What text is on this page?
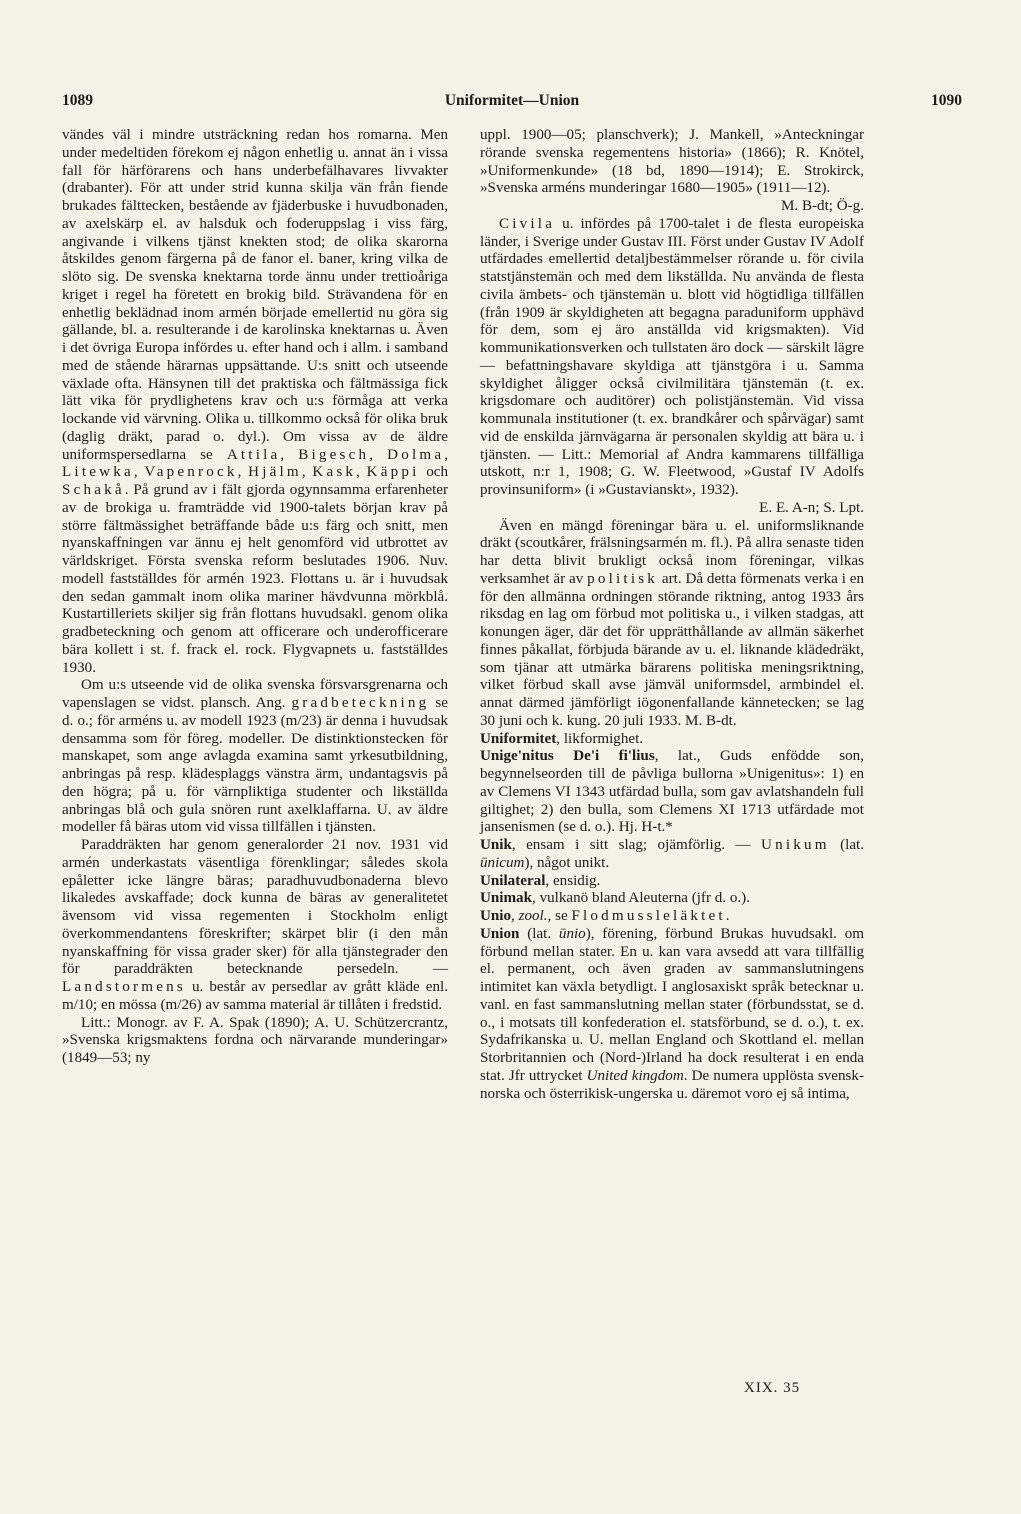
1089	Uniformitet—Union	1090

vändes väl i mindre utsträckning redan hos romarna. Men under medeltiden förekom ej någon enhetlig u. annat än i vissa fall för härförarens och hans underbefälhavares livvakter (drabanter). För att under strid kunna skilja vän från fiende brukades fälttecken, bestående av fjäderbuske i huvudbonaden, av axelskärp el. av halsduk och foderuppslag i viss färg, angivande i vilkens tjänst knekten stod; de olika skarorna åtskildes genom färgerna på de fanor el. baner, kring vilka de slöto sig. De svenska knektarna torde ännu under trettioåriga kriget i regel ha företett en brokig bild. Strävandena för en enhetlig beklädnad inom armén började emellertid nu göra sig gällande, bl. a. resulterande i de karolinska knektarnas u. Även i det övriga Europa infördes u. efter hand och i allm. i samband med de stående härarnas uppsättande. U:s snitt och utseende växlade ofta. Hänsynen till det praktiska och fältmässiga fick lätt vika för prydlighetens krav och u:s förmåga att verka lockande vid värvning. Olika u. tillkommo också för olika bruk (daglig dräkt, parad o. dyl.). Om vissa av de äldre uniformspersedlarna se Attila, Bigesch, Dolma, Litewka, Vapenrock, Hjälm, Kask, Käppi och Schakå. På grund av i fält gjorda ogynnsamma erfarenheter av de brokiga u. framträdde vid 1900-talets början krav på större fältmässighet beträffande både u:s färg och snitt, men nyanskaffningen var ännu ej helt genomförd vid utbrottet av världskriget. Första svenska reform beslutades 1906. Nuv. modell fastställdes för armén 1923. Flottans u. är i huvudsak den sedan gammalt inom olika mariner hävdvunna mörkblå. Kustartilleriets skiljer sig från flottans huvudsakl. genom olika gradbeteckning och genom att officerare och underofficerare bära kollett i st. f. frack el. rock. Flygvapnets u. fastställdes 1930.

Om u:s utseende vid de olika svenska försvarsgrenarna och vapenslagen se vidst. plansch. Ang. gradbeteckning se d. o.; för arméns u. av modell 1923 (m/23) är denna i huvudsak densamma som för föreg. modeller. De distinktionstecken för manskapet, som ange avlagda examina samt yrkesutbildning, anbringas på resp. klädesplaggs vänstra ärm, undantagsvis på den högra; på u. för värnpliktiga studenter och likställda anbringas blå och gula snören runt axelklaffarna. U. av äldre modeller få bäras utom vid vissa tillfällen i tjänsten.

Paraddräkten har genom generalorder 21 nov. 1931 vid armén underkastats väsentliga förenklingar; således skola epåletter icke längre bäras; paradhuvudbonaderna blevo likaledes avskaffade; dock kunna de bäras av generalitetet ävensom vid vissa regementen i Stockholm enligt överkommendantens föreskrifter; skärpet blir (i den mån nyanskaffning för vissa grader sker) för alla tjänstegrader den för paraddräkten betecknande persedeln. — Landstormens u. består av persedlar av grått kläde enl. m/10; en mössa (m/26) av samma material är tillåten i fredstid.

Litt.: Monogr. av F. A. Spak (1890); A. U. Schützercrantz, »Svenska krigsmaktens fordna och närvarande munderingar» (1849—53; ny

uppl. 1900—05; planschverk); J. Mankell, »Anteckningar rörande svenska regementens historia» (1866); R. Knötel, »Uniformenkunde» (18 bd, 1890—1914); E. Strokirck, »Svenska arméns munderingar 1680—1905» (1911—12).

M. B-dt; Ö-g.

Civila u. infördes på 1700-talet i de flesta europeiska länder, i Sverige under Gustav III. Först under Gustav IV Adolf utfärdades emellertid detaljbestämmelser rörande u. för civila statstjänstemän och med dem likställda. Nu använda de flesta civila ämbets- och tjänstemän u. blott vid högtidliga tillfällen (från 1909 är skyldigheten att begagna paraduniform upphävd för dem, som ej äro anställda vid krigsmakten). Vid kommunikationsverken och tullstaten äro dock — särskilt lägre — befattningshavare skyldiga att tjänstgöra i u. Samma skyldighet åligger också civilmilitära tjänstemän (t. ex. krigsdomare och auditörer) och polistjänstemän. Vid vissa kommunala institutioner (t. ex. brandkårer och spårvägar) samt vid de enskilda järnvägarna är personalen skyldig att bära u. i tjänsten. — Litt.: Memorial af Andra kammarens tillfälliga utskott, n:r 1, 1908; G. W. Fleetwood, »Gustaf IV Adolfs provinsuniform» (i »Gustavianskt», 1932).

E. E. A-n; S. Lpt.

Även en mängd föreningar bära u. el. uniformsliknande dräkt (scoutkårer, frälsningsarmén m. fl.). På allra senaste tiden har detta blivit brukligt också inom föreningar, vilkas verksamhet är av politisk art. Då detta förmenats verka i en för den allmänna ordningen störande riktning, antog 1933 års riksdag en lag om förbud mot politiska u., i vilken stadgas, att konungen äger, där det för upprätthållande av allmän säkerhet finnes påkallat, förbjuda bärande av u. el. liknande klädedräkt, som tjänar att utmärka bärarens politiska meningsriktning, vilket förbud skall avse jämväl uniformsdel, armbindel el. annat därmed jämförligt iögonenfallande kännetecken; se lag 30 juni och k. kung. 20 juli 1933. M. B-dt.

Uniformitet, likformighet.

Unige'nitus De'i fi'lius, lat., Guds enfödde son, begynnelseorden till de påvliga bullorna »Unigenitus»: 1) en av Clemens VI 1343 utfärdad bulla, som gav avlatshandeln full giltighet; 2) den bulla, som Clemens XI 1713 utfärdade mot jansenismen (se d. o.). Hj. H-t.*

Unik, ensam i sitt slag; ojämförlig. — Unikum (lat. ūnicum), något unikt.

Unilateral, ensidig.

Unimak, vulkanö bland Aleuterna (jfr d. o.).

Unio, zool., se Flodmussleläktet.

Union (lat. ūnio), förening, förbund Brukas huvudsakl. om förbund mellan stater. En u. kan vara avsedd att vara tillfällig el. permanent, och även graden av sammanslutningens intimitet kan växla betydligt. I anglosaxiskt språk betecknar u. vanl. en fast sammanslutning mellan stater (förbundsstat, se d. o., i motsats till konfederation el. statsförbund, se d. o.), t. ex. Sydafrikanska u. U. mellan England och Skottland el. mellan Storbritannien och (Nord-)Irland ha dock resulterat i en enda stat. Jfr uttrycket United kingdom. De numera upplösta svensk-norska och österrikisk-ungerska u. däremot voro ej så intima,

XIX. 35
